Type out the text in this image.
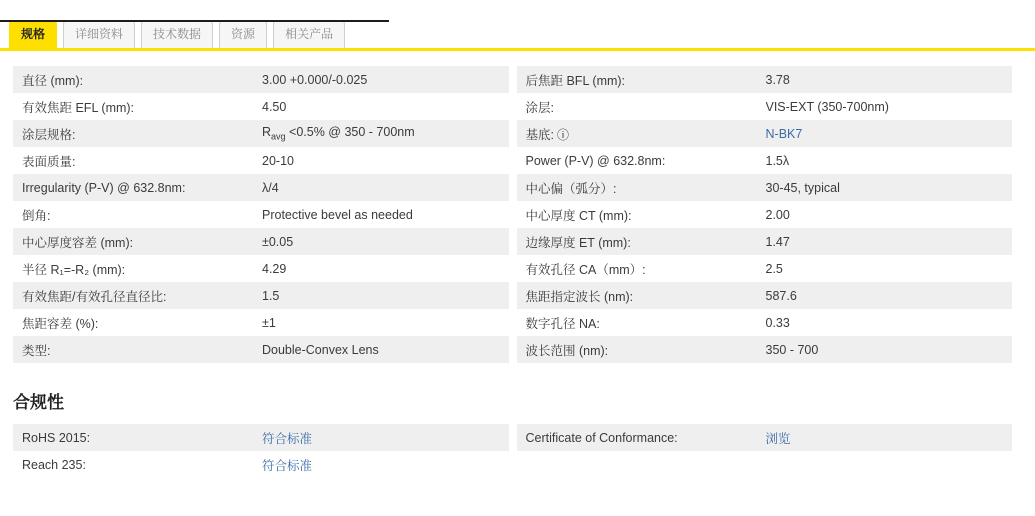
规格	详细资料	技术数据	资源	相关产品
直径 (mm):	3.00 +0.000/-0.025	后焦距 BFL (mm):	3.78
有效焦距 EFL (mm):	4.50	涂层:	VIS-EXT (350-700nm)
涂层规格:	$R_{avg} <0.5\%$ @ 350 - 700nm	基底: ⓘ	N-BK7
表面质量:	20-10	Power (P-V) @ 632.8nm:	1.5λ
Irregularity (P-V) @ 632.8nm:	λ/4	中心偏（弧分）:	30-45, typical
倒角:	Protective bevel as needed	中心厚度 CT (mm):	2.00
中心厚度容差 (mm):	±0.05	边缘厚度 ET (mm):	1.47
半径 R₁=-R₂ (mm):	4.29	有效孔径 CA（mm）:	2.5
有效焦距/有效孔径直径比:	1.5	焦距指定波长 (nm):	587.6
焦距容差 (%):	±1	数字孔径 NA:	0.33
类型:	Double-Convex Lens	波长范围 (nm):	350 - 700
合规性
RoHS 2015:	符合标准	Certificate of Conformance:	浏览
Reach 235:	符合标准
